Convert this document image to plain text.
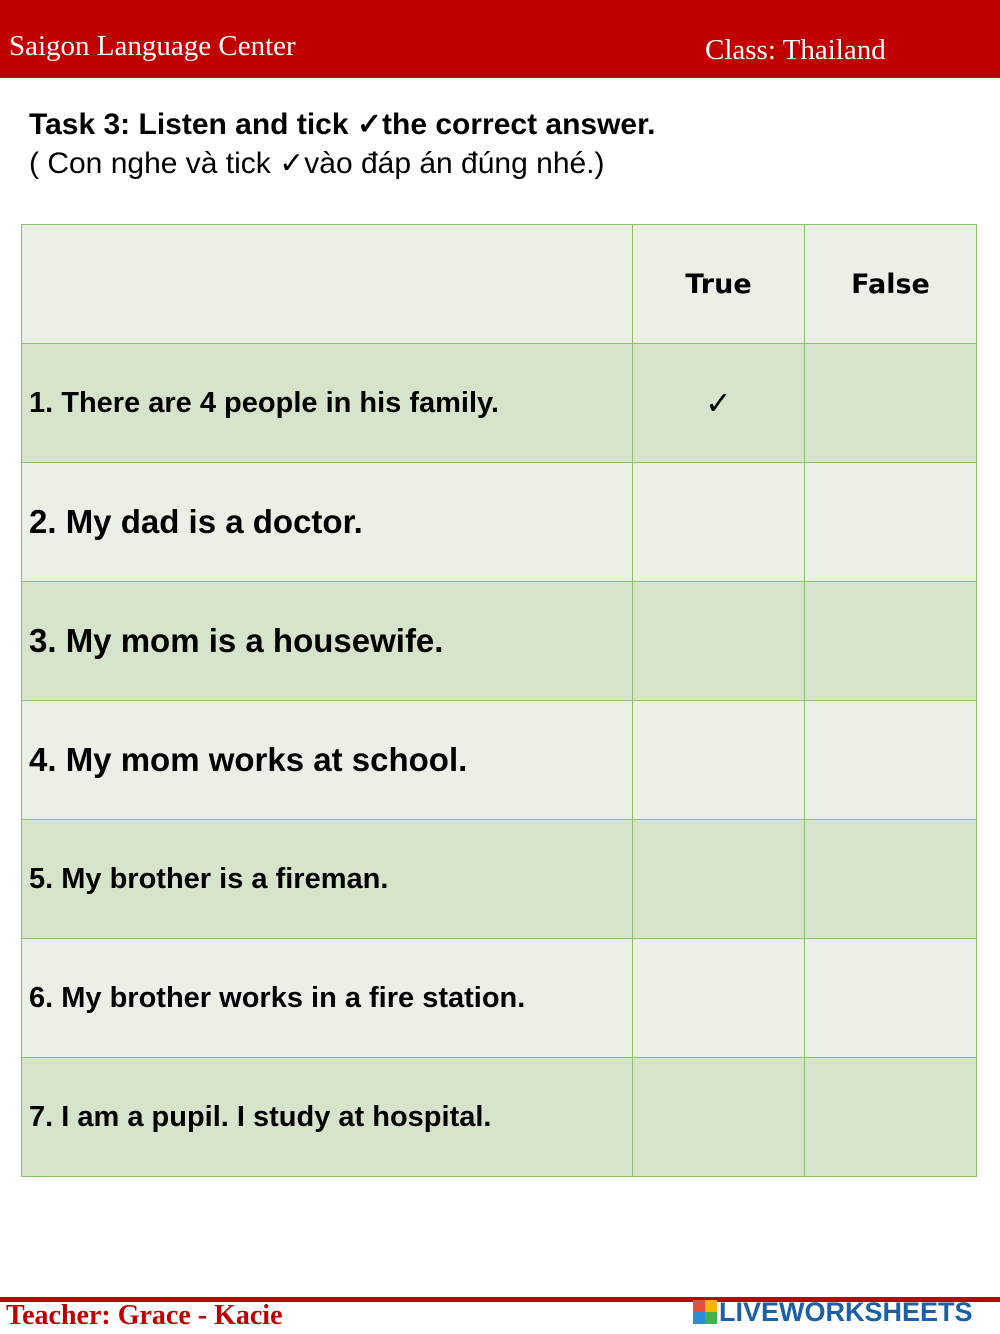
Saigon Language Center	Class: Thailand
Task 3: Listen and tick ✓the correct answer.
( Con nghe và tick ✓vào đáp án đúng nhé.)
	True	False
1. There are 4 people in his family.	✓	
2. My dad is a doctor.		
3. My mom is a housewife.		
4. My mom works at school.		
5. My brother is a fireman.		
6. My brother works in a fire station.		
7. I am a pupil. I study at hospital.		
Teacher: Grace - Kacie	LIVEWORKSHEETS
